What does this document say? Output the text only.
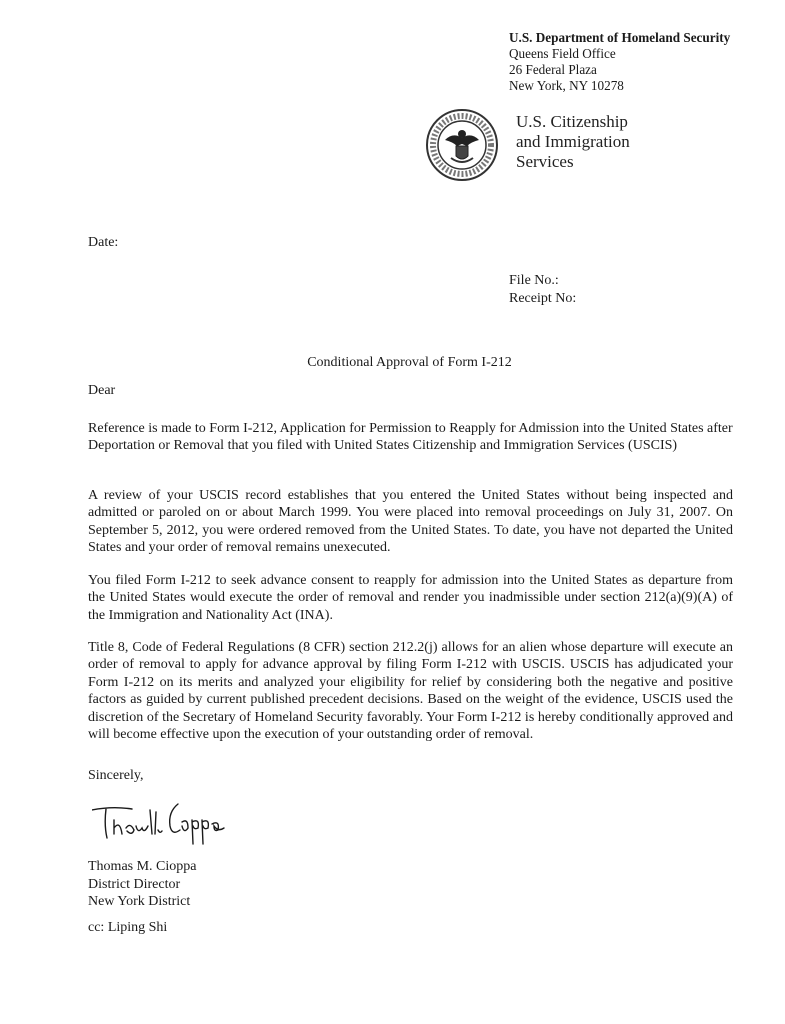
U.S. Department of Homeland Security
Queens Field Office
26 Federal Plaza
New York, NY 10278
U.S. Citizenship
and Immigration
Services
Date:
File No.:
Receipt No:
Conditional Approval of Form I-212
Dear
Reference is made to Form I-212, Application for Permission to Reapply for Admission into the United States after Deportation or Removal that you filed with United States Citizenship and Immigration Services (USCIS)
A review of your USCIS record establishes that you entered the United States without being inspected and admitted or paroled on or about March 1999. You were placed into removal proceedings on July 31, 2007. On September 5, 2012, you were ordered removed from the United States. To date, you have not departed the United States and your order of removal remains unexecuted.
You filed Form I-212 to seek advance consent to reapply for admission into the United States as departure from the United States would execute the order of removal and render you inadmissible under section 212(a)(9)(A) of the Immigration and Nationality Act (INA).
Title 8, Code of Federal Regulations (8 CFR) section 212.2(j) allows for an alien whose departure will execute an order of removal to apply for advance approval by filing Form I-212 with USCIS. USCIS has adjudicated your Form I-212 on its merits and analyzed your eligibility for relief by considering both the negative and positive factors as guided by current published precedent decisions. Based on the weight of the evidence, USCIS used the discretion of the Secretary of Homeland Security favorably. Your Form I-212 is hereby conditionally approved and will become effective upon the execution of your outstanding order of removal.
Sincerely,
Thomas M. Cioppa
District Director
New York District
cc: Liping Shi
